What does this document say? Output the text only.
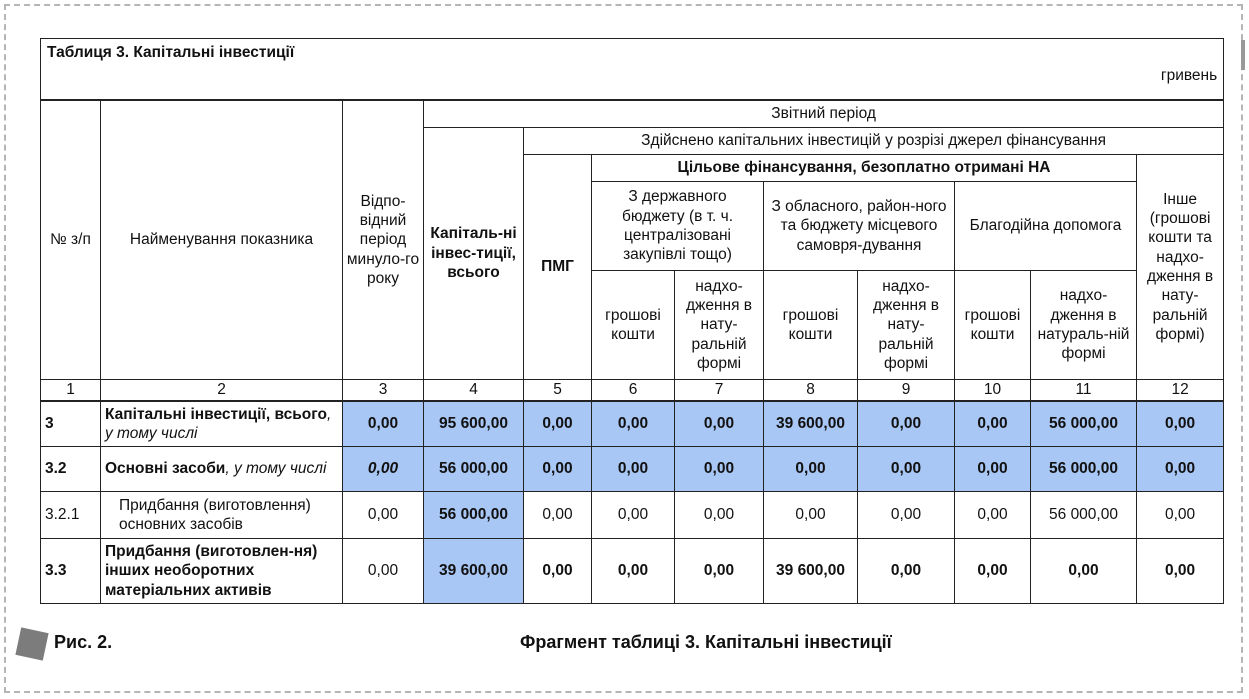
Таблиця 3. Капітальні інвестиції
гривень											

№ з/п	Найменування показника	Відпо-відний період минуло-го року	Звітний період								
			Капіталь-ні інвес-тиції, всього	Здійснено капітальних інвестицій у розрізі джерел фінансування							
				ПМГ	Цільове фінансування, безоплатно отримані НА						Інше (грошові кошти та надхо-дження в нату-ральній формі)
					З державного бюджету (в т. ч. централізовані закупівлі тощо)		З обласного, район-ного та бюджету місцевого самовря-дування		Благодійна допомога		
					грошові кошти	надхо-дження в нату-ральній формі	грошові кошти	надхо-дження в нату-ральній формі	грошові кошти	надхо-дження в натураль-ній формі	

1	2	3	4	5	6	7	8	9	10	11	12
3	Капітальні інвестиції, всього, у тому числі	0,00	95 600,00	0,00	0,00	0,00	39 600,00	0,00	0,00	56 000,00	0,00
3.2	Основні засоби, у тому числі	0,00	56 000,00	0,00	0,00	0,00	0,00	0,00	0,00	56 000,00	0,00
3.2.1	Придбання (виготовлення) основних засобів	0,00	56 000,00	0,00	0,00	0,00	0,00	0,00	0,00	56 000,00	0,00
3.3	Придбання (виготовлен-ня) інших необоротних матеріальних активів	0,00	39 600,00	0,00	0,00	0,00	39 600,00	0,00	0,00	0,00	0,00
Рис. 2.	Фрагмент таблиці 3. Капітальні інвестиції
